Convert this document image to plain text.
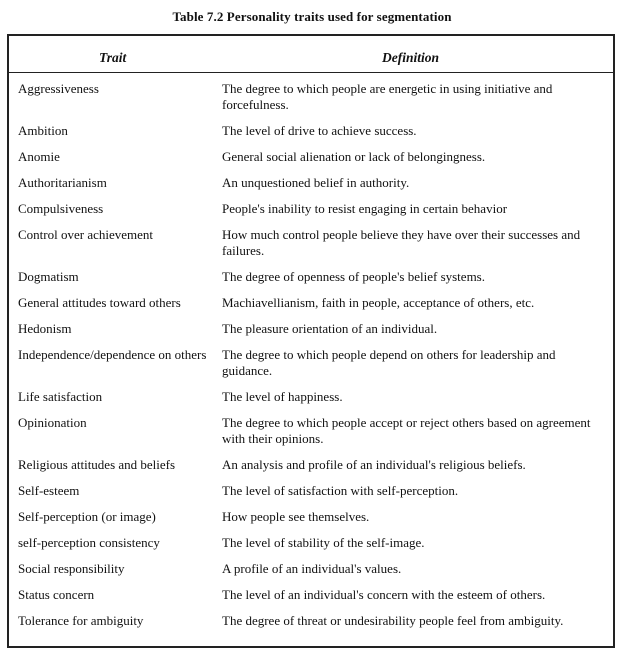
Table 7.2 Personality traits used for segmentation
Trait	Definition
Aggressiveness	The degree to which people are energetic in using initiative and forcefulness.
Ambition	The level of drive to achieve success.
Anomie	General social alienation or lack of belongingness.
Authoritarianism	An unquestioned belief in authority.
Compulsiveness	People's inability to resist engaging in certain behavior
Control over achievement	How much control people believe they have over their successes and failures.
Dogmatism	The degree of openness of people's belief systems.
General attitudes toward others	Machiavellianism, faith in people, acceptance of others, etc.
Hedonism	The pleasure orientation of an individual.
Independence/dependence on others	The degree to which people depend on others for leadership and guidance.
Life satisfaction	The level of happiness.
Opinionation	The degree to which people accept or reject others based on agreement with their opinions.
Religious attitudes and beliefs	An analysis and profile of an individual's religious beliefs.
Self-esteem	The level of satisfaction with self-perception.
Self-perception (or image)	How people see themselves.
self-perception consistency	The level of stability of the self-image.
Social responsibility	A profile of an individual's values.
Status concern	The level of an individual's concern with the esteem of others.
Tolerance for ambiguity	The degree of threat or undesirability people feel from ambiguity.
